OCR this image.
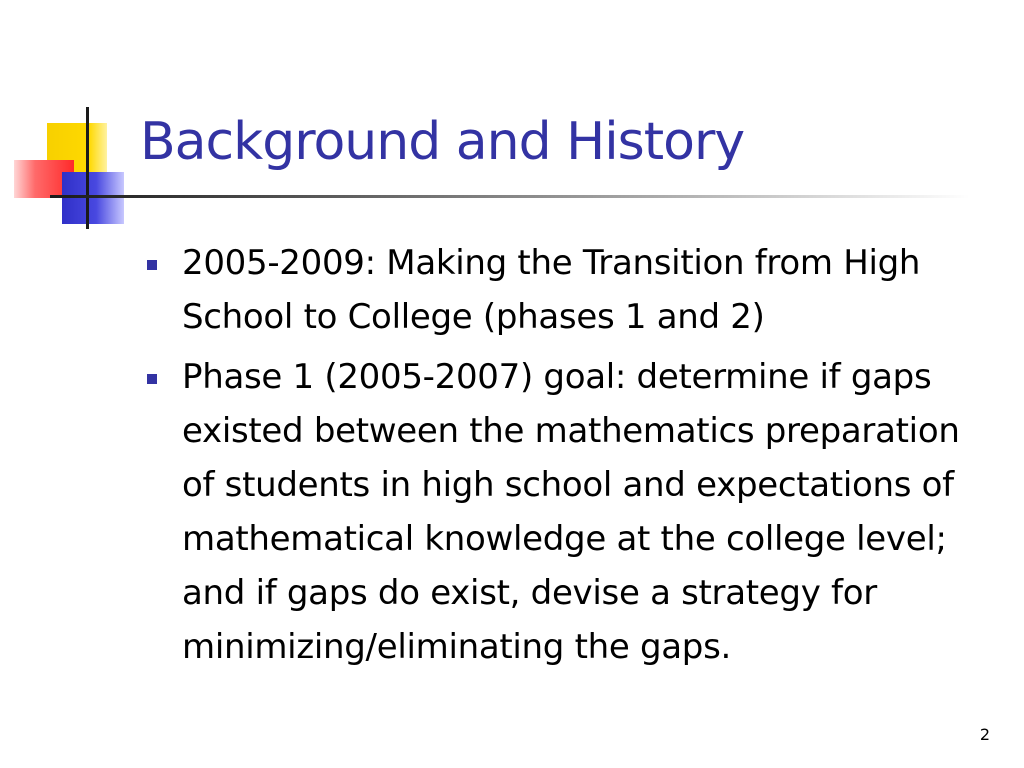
Background and History
2005-2009: Making the Transition from High School to College (phases 1 and 2)
Phase 1 (2005-2007) goal: determine if gaps existed between the mathematics preparation of students in high school and expectations of mathematical knowledge at the college level; and if gaps do exist, devise a strategy for minimizing/eliminating the gaps.
2
